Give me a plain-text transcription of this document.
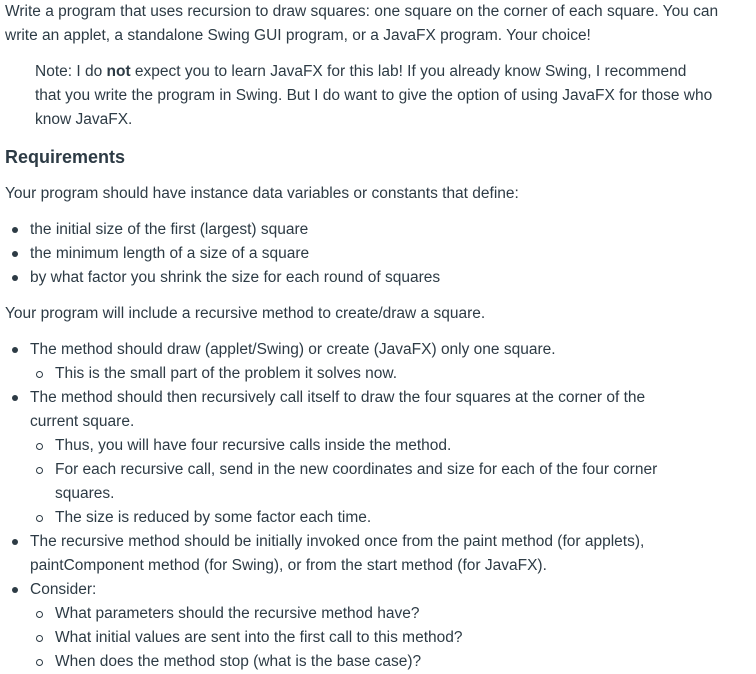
Write a program that uses recursion to draw squares: one square on the corner of each square. You can write an applet, a standalone Swing GUI program, or a JavaFX program. Your choice!

Note: I do not expect you to learn JavaFX for this lab! If you already know Swing, I recommend that you write the program in Swing. But I do want to give the option of using JavaFX for those who know JavaFX.

Requirements

Your program should have instance data variables or constants that define:

the initial size of the first (largest) square
the minimum length of a size of a square
by what factor you shrink the size for each round of squares

Your program will include a recursive method to create/draw a square.

The method should draw (applet/Swing) or create (JavaFX) only one square.
This is the small part of the problem it solves now.
The method should then recursively call itself to draw the four squares at the corner of the current square.
Thus, you will have four recursive calls inside the method.
For each recursive call, send in the new coordinates and size for each of the four corner squares.
The size is reduced by some factor each time.
The recursive method should be initially invoked once from the paint method (for applets), paintComponent method (for Swing), or from the start method (for JavaFX).
Consider:
What parameters should the recursive method have?
What initial values are sent into the first call to this method?
When does the method stop (what is the base case)?
